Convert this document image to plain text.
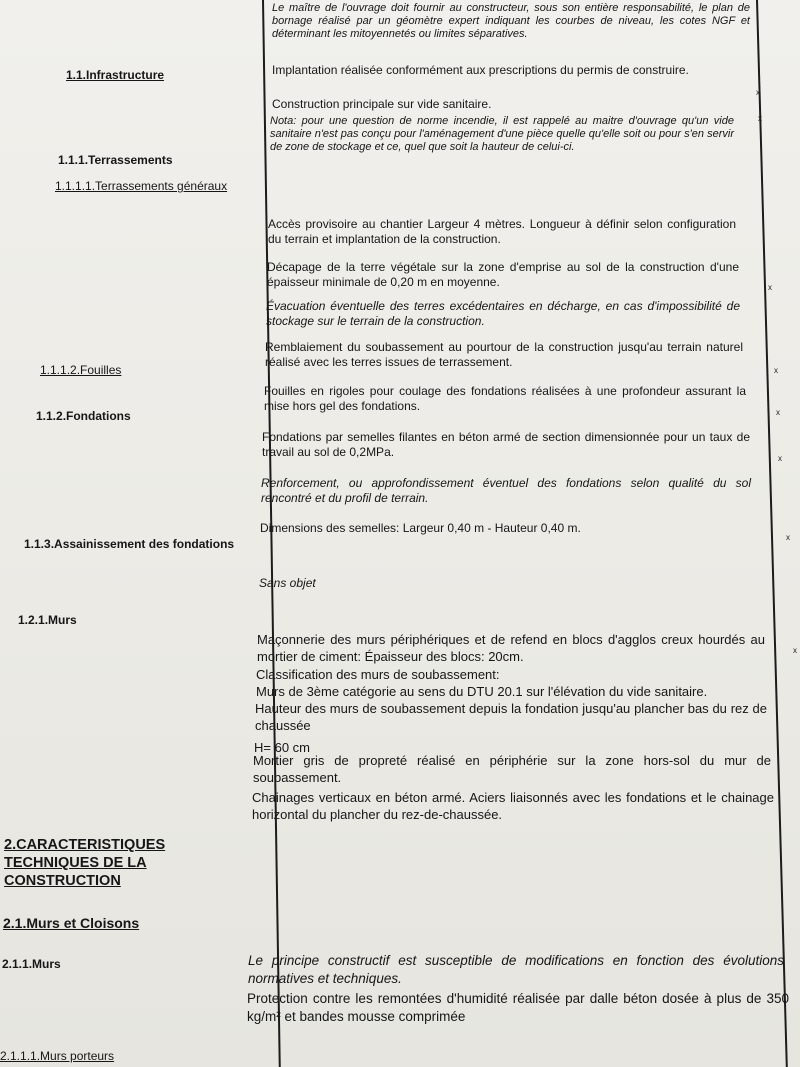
1.1.Infrastructure
1.1.1.Terrassements
1.1.1.1.Terrassements généraux
1.1.1.2.Fouilles
1.1.2.Fondations
1.1.3.Assainissement des fondations
1.2.1.Murs
2.CARACTERISTIQUES TECHNIQUES DE LA CONSTRUCTION
2.1.Murs et Cloisons
2.1.1.Murs
2.1.1.1.Murs porteurs
Le maître de l'ouvrage doit fournir au constructeur, sous son entière responsabilité, le plan de bornage réalisé par un géomètre expert indiquant les courbes de niveau, les cotes NGF et déterminant les mitoyennetés ou limites séparatives.
Implantation réalisée conformément aux prescriptions du permis de construire.
Construction principale sur vide sanitaire.
Nota: pour une question de norme incendie, il est rappelé au maitre d'ouvrage qu'un vide sanitaire n'est pas conçu pour l'aménagement d'une pièce quelle qu'elle soit ou pour s'en servir de zone de stockage et ce, quel que soit la hauteur de celui-ci.
Accès provisoire au chantier Largeur 4 mètres. Longueur à définir selon configuration du terrain et implantation de la construction.
Décapage de la terre végétale sur la zone d'emprise au sol de la construction d'une épaisseur minimale de 0,20 m en moyenne.
Évacuation éventuelle des terres excédentaires en décharge, en cas d'impossibilité de stockage sur le terrain de la construction.
Remblaiement du soubassement au pourtour de la construction jusqu'au terrain naturel réalisé avec les terres issues de terrassement.
Fouilles en rigoles pour coulage des fondations réalisées à une profondeur assurant la mise hors gel des fondations.
Fondations par semelles filantes en béton armé de section dimensionnée pour un taux de travail au sol de 0,2MPa.
Renforcement, ou approfondissement éventuel des fondations selon qualité du sol rencontré et du profil de terrain.
Dimensions des semelles: Largeur 0,40 m - Hauteur 0,40 m.
Sans objet
Maçonnerie des murs périphériques et de refend en blocs d'agglos creux hourdés au mortier de ciment: Épaisseur des blocs: 20cm.
Classification des murs de soubassement:
Murs de 3ème catégorie au sens du DTU 20.1 sur l'élévation du vide sanitaire.
Hauteur des murs de soubassement depuis la fondation jusqu'au plancher bas du rez de chaussée
H= 60 cm
Mortier gris de propreté réalisé en périphérie sur la zone hors-sol du mur de soubassement.
Chainages verticaux en béton armé. Aciers liaisonnés avec les fondations et le chainage horizontal du plancher du rez-de-chaussée.
Le principe constructif est susceptible de modifications en fonction des évolutions normatives et techniques.
Protection contre les remontées d'humidité réalisée par dalle béton dosée à plus de 350 kg/m² et bandes mousse comprimée
x
x
x
x
x
x
x
x
